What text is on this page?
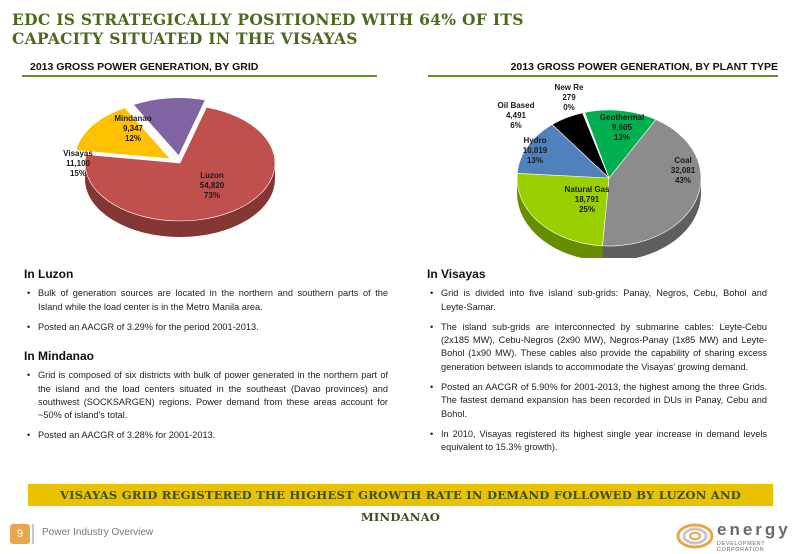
EDC IS STRATEGICALLY POSITIONED WITH 64% OF ITS CAPACITY SITUATED IN THE VISAYAS
2013 GROSS POWER GENERATION, BY GRID	2013 GROSS POWER GENERATION, BY PLANT TYPE
Luzon 54,820 73%
Visayas 11,100 15%
Mindanao 9,347 12%
Coal 32,081 43%
Natural Gas 18,791 25%
Hydro 10,019 13%
Oil Based 4,491 6%
New Re 279 0%
Geothermal 9,605 13%
In Luzon
• Bulk of generation sources are located in the northern and southern parts of the Island while the load center is in the Metro Manila area.
• Posted an AACGR of 3.29% for the period 2001-2013.
In Mindanao
• Grid is composed of six districts with bulk of power generated in the northern part of the island and the load centers situated in the southeast (Davao provinces) and southwest (SOCKSARGEN) regions. Power demand from these areas account for ~50% of island's total.
• Posted an AACGR of 3.28% for 2001-2013.
In Visayas
• Grid is divided into five island sub-grids: Panay, Negros, Cebu, Bohol and Leyte-Samar.
• The island sub-grids are interconnected by submarine cables: Leyte-Cebu (2x185 MW), Cebu-Negros (2x90 MW), Negros-Panay (1x85 MW) and Leyte-Bohol (1x90 MW). These cables also provide the capability of sharing excess generation between islands to accommodate the Visayas' growing demand.
• Posted an AACGR of 5.90% for 2001-2013, the highest among the three Grids. The fastest demand expansion has been recorded in DUs in Panay, Cebu and Bohol.
• In 2010, Visayas registered its highest single year increase in demand levels equivalent to 15.3% growth).
VISAYAS GRID REGISTERED THE HIGHEST GROWTH RATE IN DEMAND FOLLOWED BY LUZON AND MINDANAO
9	Power Industry Overview	energy
DEVELOPMENT CORPORATION
